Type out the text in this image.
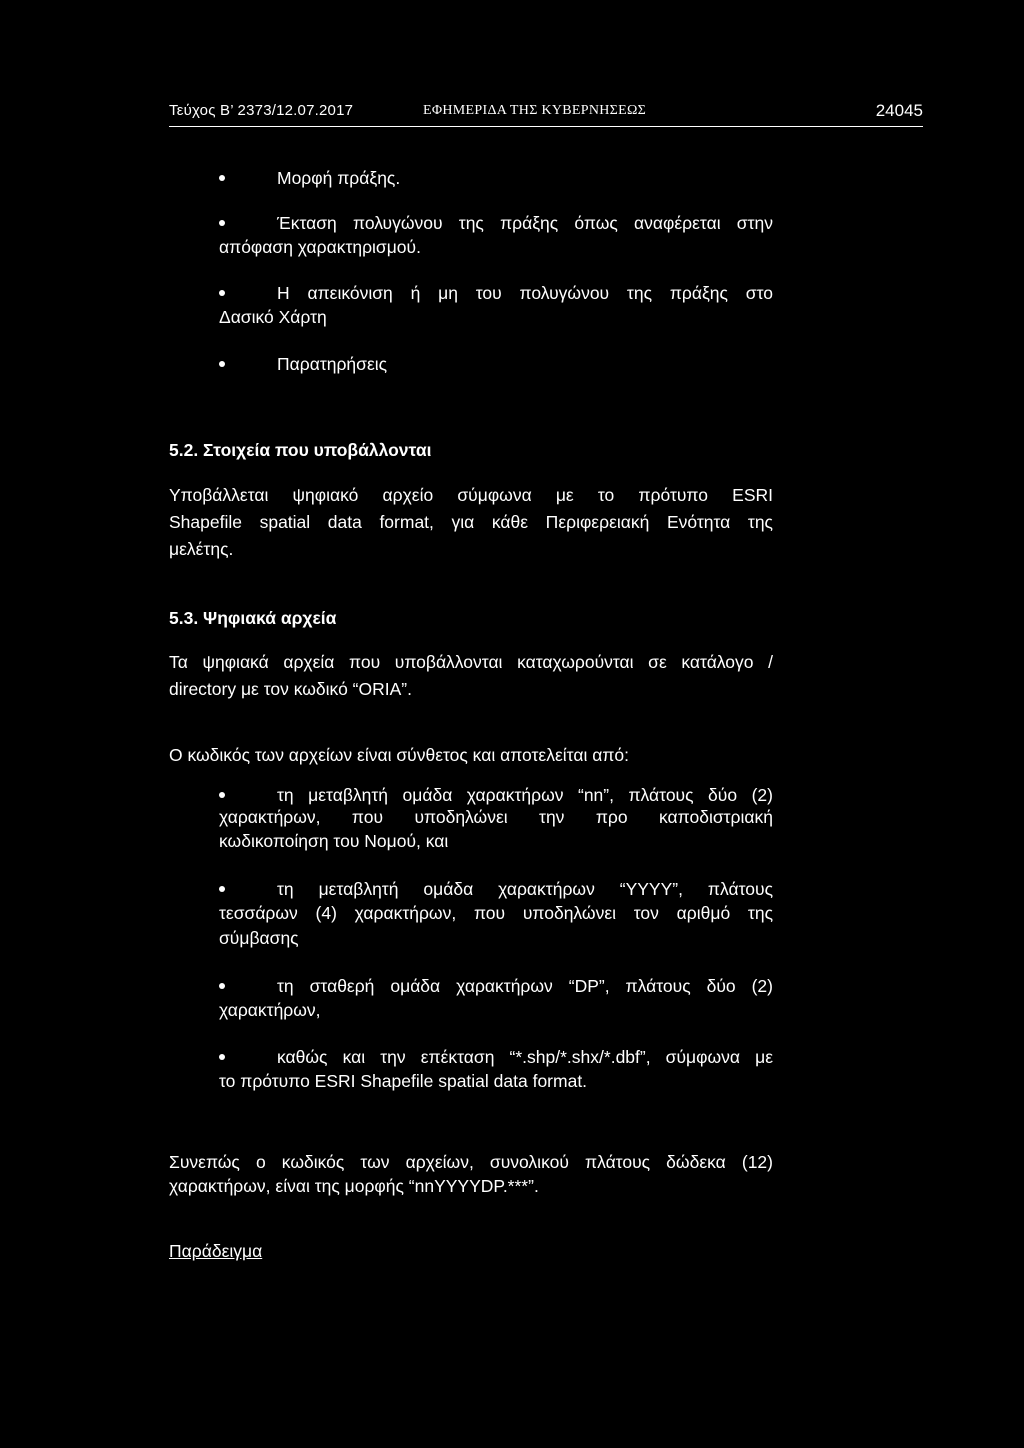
Τεύχος Β’ 2373/12.07.2017	ΕΦΗΜΕΡΙΔΑ ΤΗΣ ΚΥΒΕΡΝΗΣΕΩΣ	24045
Μορφή πράξης.
Έκταση πολυγώνου της πράξης όπως αναφέρεται στην
απόφαση χαρακτηρισμού.
Η απεικόνιση ή μη του πολυγώνου της πράξης στο
Δασικό Χάρτη
Παρατηρήσεις
5.2. Στοιχεία που υποβάλλονται
Υποβάλλεται ψηφιακό αρχείο σύμφωνα με το πρότυπο ESRI
Shapefile spatial data format, για κάθε Περιφερειακή Ενότητα της
μελέτης.
5.3. Ψηφιακά αρχεία
Τα ψηφιακά αρχεία που υποβάλλονται καταχωρούνται σε κατάλογο /
directory με τον κωδικό “ORIA”.
Ο κωδικός των αρχείων είναι σύνθετος και αποτελείται από:
τη μεταβλητή ομάδα χαρακτήρων “nn”, πλάτους δύο (2)
χαρακτήρων, που υποδηλώνει την προ καποδιστριακή
κωδικοποίηση του Νομού, και
τη μεταβλητή ομάδα χαρακτήρων “YYYY”, πλάτους
τεσσάρων (4) χαρακτήρων, που υποδηλώνει τον αριθμό της
σύμβασης
τη σταθερή ομάδα χαρακτήρων “DP”, πλάτους δύο (2)
χαρακτήρων,
καθώς και την επέκταση “*.shp/*.shx/*.dbf”, σύμφωνα με
το πρότυπο ESRI Shapefile spatial data format.
Συνεπώς ο κωδικός των αρχείων, συνολικού πλάτους δώδεκα (12)
χαρακτήρων, είναι της μορφής “nnYYYYDP.***”.
Παράδειγμα
